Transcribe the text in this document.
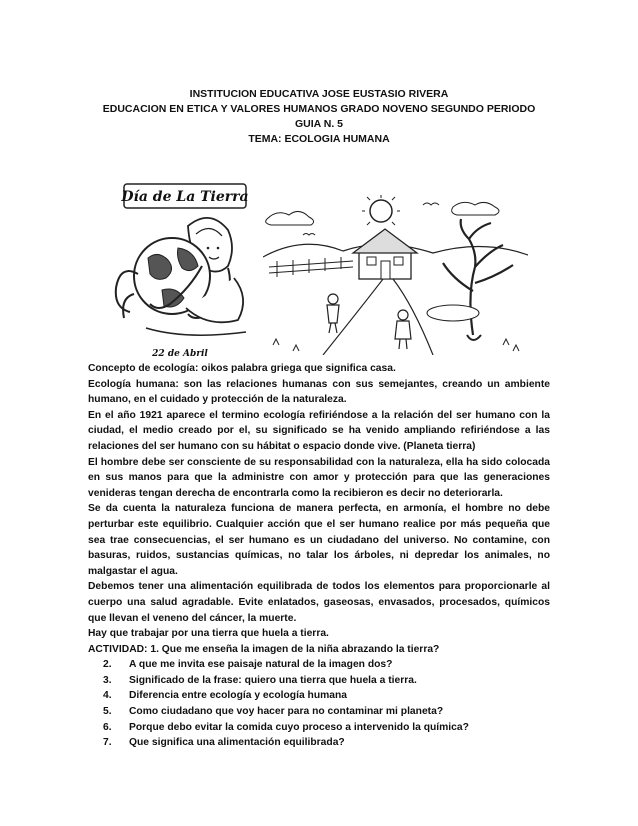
INSTITUCION EDUCATIVA JOSE EUSTASIO RIVERA
EDUCACION EN ETICA Y VALORES HUMANOS GRADO NOVENO SEGUNDO PERIODO
GUIA N. 5
TEMA: ECOLOGIA HUMANA
Día de La Tierra
22 de Abril

Concepto de ecología: oikos palabra griega que significa casa.

Ecología humana: son las relaciones humanas con sus semejantes, creando un ambiente humano, en el cuidado y protección de la naturaleza.

En el año 1921 aparece el termino ecología refiriéndose a la relación del ser humano con la ciudad, el medio creado por el, su significado se ha venido ampliando refiriéndose a las relaciones del ser humano con su hábitat o espacio donde vive. (Planeta tierra)

El hombre debe ser consciente de su responsabilidad con la naturaleza, ella ha sido colocada en sus manos para que la administre con amor y protección para que las generaciones venideras tengan derecha de encontrarla como la recibieron es decir no deteriorarla.

Se da cuenta la naturaleza funciona de manera perfecta, en armonía, el hombre no debe perturbar este equilibrio. Cualquier acción que el ser humano realice por más pequeña que sea trae consecuencias, el ser humano es un ciudadano del universo. No contamine, con basuras, ruidos, sustancias químicas, no talar los árboles, ni depredar los animales, no malgastar el agua.

Debemos tener una alimentación equilibrada de todos los elementos para proporcionarle al cuerpo una salud agradable. Evite enlatados, gaseosas, envasados, procesados, químicos que llevan el veneno del cáncer, la muerte.

Hay que trabajar por una tierra que huela a tierra.

ACTIVIDAD: 1. Que me enseña la imagen de la niña abrazando la tierra?

2.	A que me invita ese paisaje natural de la imagen dos?
3.	Significado de la frase: quiero una tierra que huela a tierra.
4.	Diferencia entre ecología y ecología humana
5.	Como ciudadano que voy hacer para no contaminar mi planeta?
6.	Porque debo evitar la comida cuyo proceso a intervenido la química?
7.	Que significa una alimentación equilibrada?
